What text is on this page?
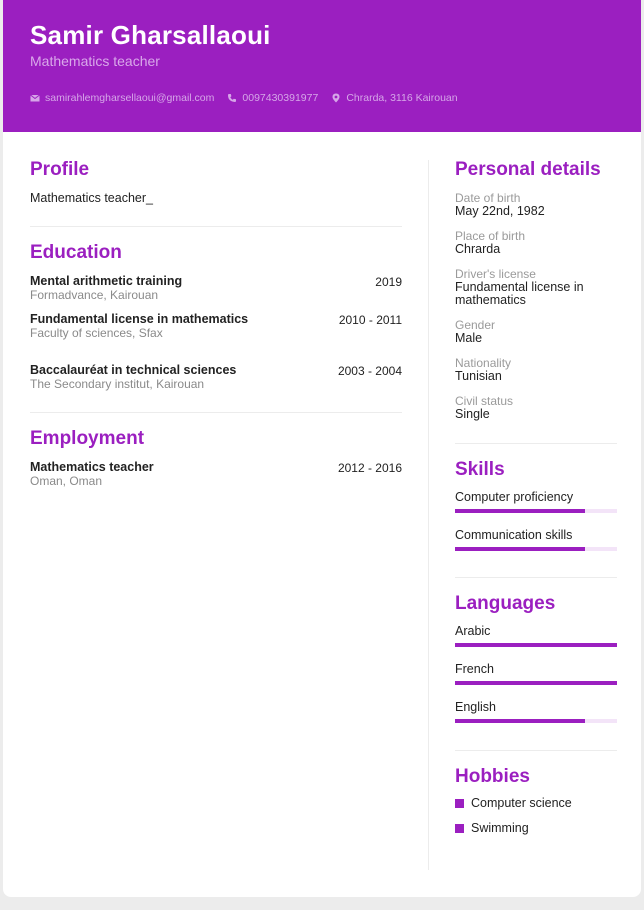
Samir Gharsallaoui
Mathematics teacher
samirahlemgharsellaoui@gmail.com	0097430391977	Chrarda, 3116 Kairouan
Profile
Mathematics teacher_
Education
Mental arithmetic training
Formadvance, Kairouan
2019
Fundamental license in mathematics
Faculty of sciences, Sfax
2010 - 2011
Baccalauréat in technical sciences
The Secondary institut, Kairouan
2003 - 2004
Employment
Mathematics teacher
Oman, Oman
2012 - 2016
Personal details
Date of birth
May 22nd, 1982
Place of birth
Chrarda
Driver's license
Fundamental license in mathematics
Gender
Male
Nationality
Tunisian
Civil status
Single
Skills
Computer proficiency
Communication skills
Languages
Arabic
French
English
Hobbies
Computer science
Swimming
